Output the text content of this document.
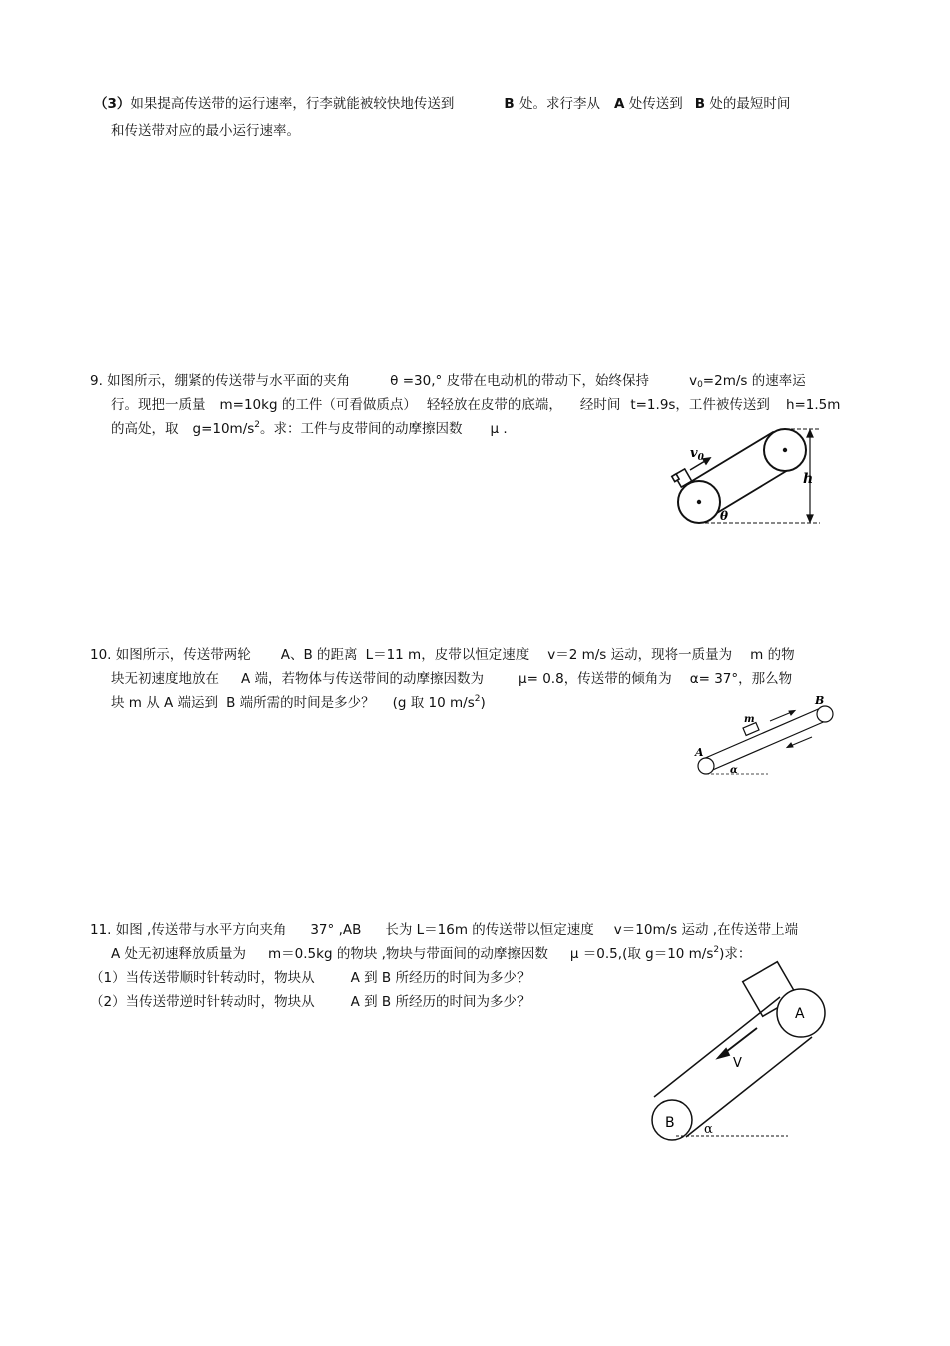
（3）如果提高传送带的运行速率，行李就能被较快地传送到	B 处。求行李从 A 处传送到 B 处的最短时间
和传送带对应的最小运行速率。
9. 如图所示，绷紧的传送带与水平面的夹角	θ =30,° 皮带在电动机的带动下，始终保持	$v_0=2m/s$ 的速率运
行。现把一质量 m=10kg 的工件（可看做质点） 轻轻放在皮带的底端， 经时间 t=1.9s，工件被传送到 h=1.5m
的高处，取 $g=10m/s^2$。求：工件与皮带间的动摩擦因数 μ .
$v_0$
h
θ
10. 如图所示，传送带两轮 A、B 的距离 L＝11 m，皮带以恒定速度 v＝2 m/s 运动，现将一质量为 m 的物
块无初速度地放在 A 端，若物体与传送带间的动摩擦因数为	μ= 0.8，传送带的倾角为 α= 37°，那么物
块 m 从 A 端运到 B 端所需的时间是多少？ (g 取 10 $m/s^2$)
A
B
m
α
11. 如图 ,传送带与水平方向夹角 37° ,AB 长为 L＝16m 的传送带以恒定速度 v＝10m/s 运动 ,在传送带上端
A 处无初速释放质量为 m＝0.5kg 的物块 ,物块与带面间的动摩擦因数 μ ＝0.5,(取 g＝10 $m/s^2$)求：
（1）当传送带顺时针转动时，物块从	A 到 B 所经历的时间为多少？
（2）当传送带逆时针转动时，物块从	A 到 B 所经历的时间为多少？
A
B
V
α
